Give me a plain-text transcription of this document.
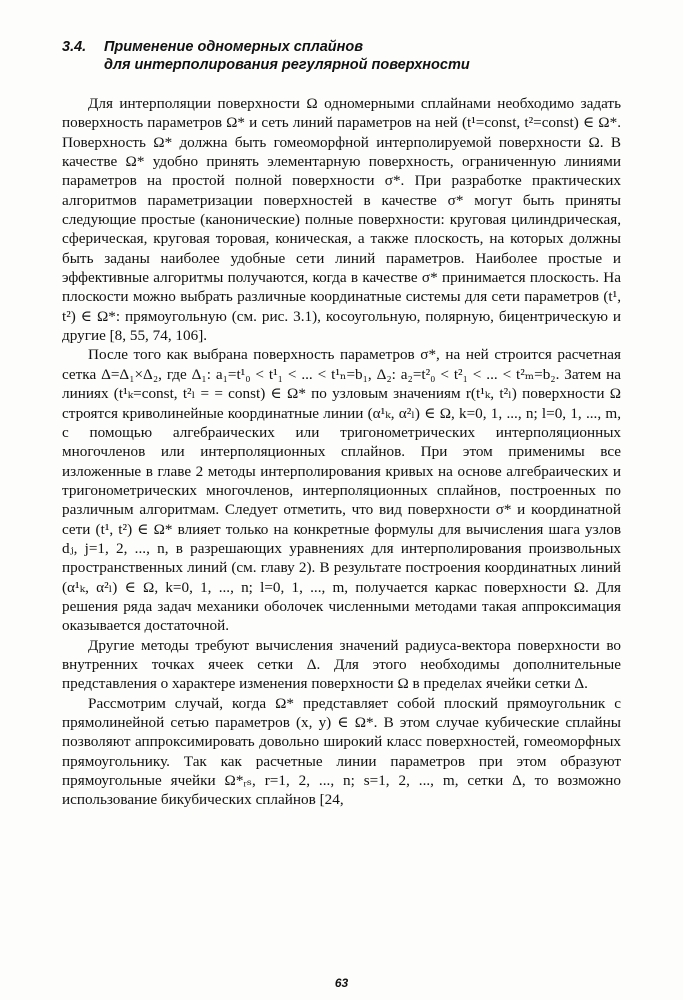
3.4. Применение одномерных сплайнов
для интерполирования регулярной поверхности

Для интерполяции поверхности Ω одномерными сплайнами необходимо задать поверхность параметров Ω* и сеть линий параметров на ней (t¹=const, t²=const) ∈ Ω*. Поверхность Ω* должна быть гомеоморфной интерполируемой поверхности Ω. В качестве Ω* удобно принять элементарную поверхность, ограниченную линиями параметров на простой полной поверхности σ*. При разработке практических алгоритмов параметризации поверхностей в качестве σ* могут быть приняты следующие простые (канонические) полные поверхности: круговая цилиндрическая, сферическая, круговая торовая, коническая, а также плоскость, на которых должны быть заданы наиболее удобные сети линий параметров. Наиболее простые и эффективные алгоритмы получаются, когда в качестве σ* принимается плоскость. На плоскости можно выбрать различные координатные системы для сети параметров (t¹, t²) ∈ Ω*: прямоугольную (см. рис. 3.1), косоугольную, полярную, бицентрическую и другие [8, 55, 74, 106].

После того как выбрана поверхность параметров σ*, на ней строится расчетная сетка Δ=Δ₁×Δ₂, где Δ₁: a₁=t¹₀ < t¹₁ < ... < t¹ₙ=b₁, Δ₂: a₂=t²₀ < t²₁ < ... < t²ₘ=b₂. Затем на линиях (t¹ₖ=const, t²ₗ = = const) ∈ Ω* по узловым значениям r(t¹ₖ, t²ₗ) поверхности Ω строятся криволинейные координатные линии (α¹ₖ, α²ₗ) ∈ Ω, k=0, 1, ..., n; l=0, 1, ..., m, с помощью алгебраических или тригонометрических интерполяционных многочленов или интерполяционных сплайнов. При этом применимы все изложенные в главе 2 методы интерполирования кривых на основе алгебраических и тригонометрических многочленов, интерполяционных сплайнов, построенных по различным алгоритмам. Следует отметить, что вид поверхности σ* и координатной сети (t¹, t²) ∈ Ω* влияет только на конкретные формулы для вычисления шага узлов dⱼ, j=1, 2, ..., n, в разрешающих уравнениях для интерполирования произвольных пространственных линий (см. главу 2). В результате построения координатных линий (α¹ₖ, α²ₗ) ∈ Ω, k=0, 1, ..., n; l=0, 1, ..., m, получается каркас поверхности Ω. Для решения ряда задач механики оболочек численными методами такая аппроксимация оказывается достаточной.

Другие методы требуют вычисления значений радиуса-вектора поверхности во внутренних точках ячеек сетки Δ. Для этого необходимы дополнительные представления о характере изменения поверхности Ω в пределах ячейки сетки Δ.

Рассмотрим случай, когда Ω* представляет собой плоский прямоугольник с прямолинейной сетью параметров (x, y) ∈ Ω*. В этом случае кубические сплайны позволяют аппроксимировать довольно широкий класс поверхностей, гомеоморфных прямоугольнику. Так как расчетные линии параметров при этом образуют прямоугольные ячейки Ω*ᵣₛ, r=1, 2, ..., n; s=1, 2, ..., m, сетки Δ, то возможно использование бикубических сплайнов [24,

63
